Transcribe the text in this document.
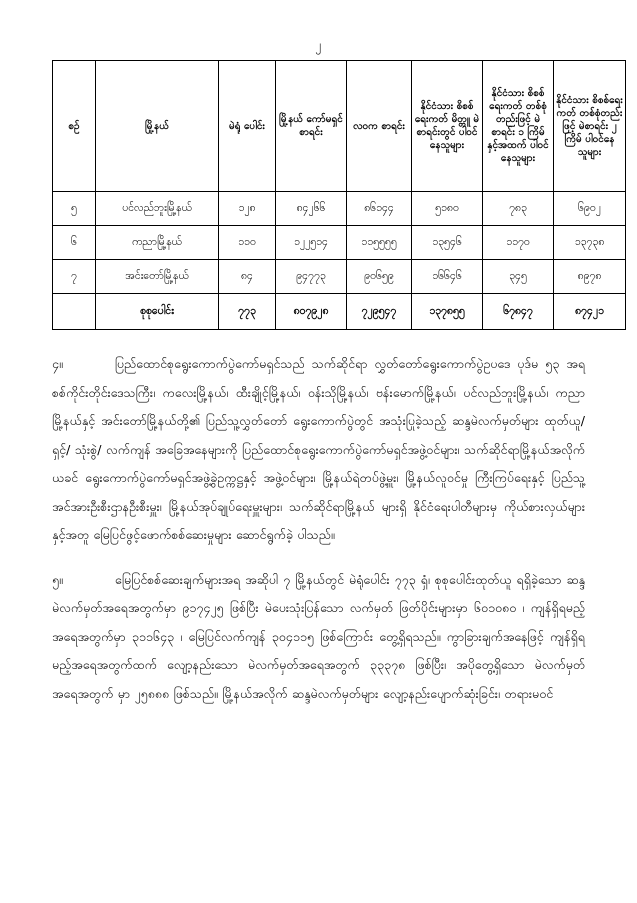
၂
စဉ်	မြို့နယ်	မဲရုံ ပေါင်း	မြို့နယ် ကော်မရှင် စာရင်း	လ၀က စာရင်း	နိုင်ငံသား စိစစ်ရေးကတ် မိတ္တူ မဲစာရင်းတွင် ပါဝင်နေသူများ	နိုင်ငံသား စိစစ်ရေးကတ် တစ်စုံတည်းဖြင့် မဲစာရင်း ၁ ကြိမ် နှင့်အထက် ပါဝင်နေသူများ	နိုင်ငံသား စိစစ်ရေးကတ် တစ်စုံတည်းဖြင့် မဲစာရင်း ၂ ကြိမ် ပါဝင်နေသူများ
၅	ပင်လည်ဘူးမြို့နယ်	၁၂၈	၈၄၂၆၆	၈၆၁၄၄	၅၁၈၀	၇၈၃	၆၉၀၂
၆	ကညာမြို့နယ်	၁၁၀	၁၂၂၅၁၄	၁၁၅၅၅၅	၁၃၅၄၆	၁၁၇၀	၁၃၇၃၈
၇	အင်းတော်မြို့နယ်	၈၄	၉၄၇၇၃	၉၀၆၅၉	၁၆၆၄၆	၃၄၅	၈၉၇၈
	စုစုပေါင်း	၇၇၃	၈၀၇၉၂၈	၇၂၉၅၄၇	၁၃၇၈၅၅	၆၇၈၄၇	၈၇၄၂၁

၄။	ပြည်ထောင်စုရွေးကောက်ပွဲကော်မရှင်သည် သက်ဆိုင်ရာ လွှတ်တော်ရွေးကောက်ပွဲဥပဒေ ပုဒ်မ ၅၃ အရ စစ်ကိုင်းတိုင်းဒေသကြီး၊ ကလေးမြို့နယ်၊ ထီးချိုင့်မြို့နယ်၊ ဝန်းသိုမြို့နယ်၊ ဗန်းမောက်မြို့နယ်၊ ပင်လည်ဘူးမြို့နယ်၊ ကညာမြို့နယ်နှင့် အင်းတော်မြို့နယ်တို့၏ ပြည်သူ့လွှတ်တော် ရွေးကောက်ပွဲတွင် အသုံးပြုခဲ့သည့် ဆန္ဒမဲလက်မှတ်များ ထုတ်ယူ/ ရှင့်/ သုံးစွဲ/ လက်ကျန် အခြေအနေများကို ပြည်ထောင်စုရွေးကောက်ပွဲကော်မရှင်အဖွဲ့ဝင်များ၊ သက်ဆိုင်ရာမြို့နယ်အလိုက် ယခင် ရွေးကောက်ပွဲကော်မရှင်အဖွဲ့ခွဲဥက္ကဋ္ဌနှင့် အဖွဲ့ဝင်များ၊ မြို့နယ်ရဲတပ်ဖွဲ့မှူး၊ မြို့နယ်လူဝင်မှု ကြီးကြပ်ရေးနှင့် ပြည်သူ့အင်အားဦးစီးဌာနဦးစီးမှူး၊ မြို့နယ်အုပ်ချုပ်ရေးမှူးများ၊ သက်ဆိုင်ရာမြို့နယ် များရှိ နိုင်ငံရေးပါတီများမှ ကိုယ်စားလှယ်များနှင့်အတူ မြေပြင်ဖွင့်ဖောက်စစ်ဆေးမှုများ ဆောင်ရွက်ခဲ့ ပါသည်။

၅။	မြေပြင်စစ်ဆေးချက်များအရ အဆိုပါ ၇ မြို့နယ်တွင် မဲရုံပေါင်း ၇၇၃ ရှံ၊ စုစုပေါင်းထုတ်ယူ ရရှိခဲ့သော ဆန္ဒမဲလက်မှတ်အရေအတွက်မှာ ၉၁၇၄၂၅ ဖြစ်ပြီး မဲပေးသုံးပြန်သော လက်မှတ် ဖြတ်ပိုင်းများမှာ ၆၀၁၀၈၀ ၊ ကျန်ရှိရမည့်အရေအတွက်မှာ ၃၁၁၆၄၃ ၊ မြေပြင်လက်ကျန် ၃၀၄၁၁၅ ဖြစ်ကြောင်း တွေ့ရှိရသည်။ ကွာခြားချက်အနေဖြင့် ကျန်ရှိရမည့်အရေအတွက်ထက် လျော့နည်းသော မဲလက်မှတ်အရေအတွက် ၃၃၃၇၈ ဖြစ်ပြီး၊ အပိုတွေ့ရှိသော မဲလက်မှတ်အရေအတွက် မှာ ၂၅၈၈၈ ဖြစ်သည်။ မြို့နယ်အလိုက် ဆန္ဒမဲလက်မှတ်များ လျော့နည်းပျောက်ဆုံးခြင်း၊ တရားမဝင်
